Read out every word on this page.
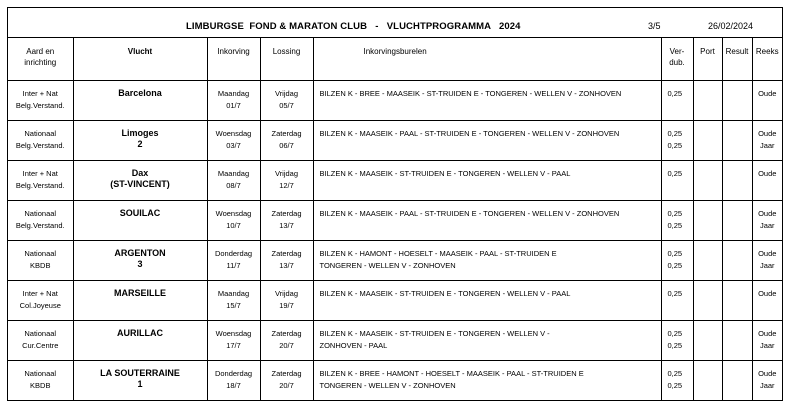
LIMBURGSE  FOND & MARATON CLUB   -   VLUCHTPROGRAMMA   2024	3/5	26/02/2024
Aard en
inrichting	Vlucht	Inkorving	Lossing	Inkorvingsburelen	Ver-
dub.	Port	Result	Reeks

Inter + Nat
Belg.Verstand.	Barcelona	Maandag
01/7	Vrijdag
05/7	BILZEN K - BREE - MAASEIK - ST-TRUIDEN E - TONGEREN - WELLEN V - ZONHOVEN	0,25			Oude

Nationaal
Belg.Verstand.	Limoges
2	Woensdag
03/7	Zaterdag
06/7	BILZEN K - MAASEIK - PAAL - ST-TRUIDEN E - TONGEREN - WELLEN V - ZONHOVEN	0,25
0,25			Oude
Jaar

Inter + Nat
Belg.Verstand.	Dax
(ST-VINCENT)	Maandag
08/7	Vrijdag
12/7	BILZEN K - MAASEIK - ST-TRUIDEN E - TONGEREN - WELLEN V - PAAL	0,25			Oude

Nationaal
Belg.Verstand.	SOUILAC	Woensdag
10/7	Zaterdag
13/7	BILZEN K - MAASEIK - PAAL - ST-TRUIDEN E - TONGEREN - WELLEN V - ZONHOVEN	0,25
0,25			Oude
Jaar

Nationaal
KBDB	ARGENTON
3	Donderdag
11/7	Zaterdag
13/7	BILZEN K - HAMONT - HOESELT - MAASEIK - PAAL - ST-TRUIDEN E
TONGEREN - WELLEN V - ZONHOVEN	0,25
0,25			Oude
Jaar

Inter + Nat
Col.Joyeuse	MARSEILLE	Maandag
15/7	Vrijdag
19/7	BILZEN K - MAASEIK - ST-TRUIDEN E - TONGEREN - WELLEN V - PAAL	0,25			Oude

Nationaal
Cur.Centre	AURILLAC	Woensdag
17/7	Zaterdag
20/7	BILZEN K - MAASEIK - ST-TRUIDEN E - TONGEREN - WELLEN V -
ZONHOVEN - PAAL	0,25
0,25			Oude
Jaar

Nationaal
KBDB	LA SOUTERRAINE
1	Donderdag
18/7	Zaterdag
20/7	BILZEN K - BREE - HAMONT - HOESELT - MAASEIK - PAAL - ST-TRUIDEN E
TONGEREN - WELLEN V - ZONHOVEN	0,25
0,25			Oude
Jaar
